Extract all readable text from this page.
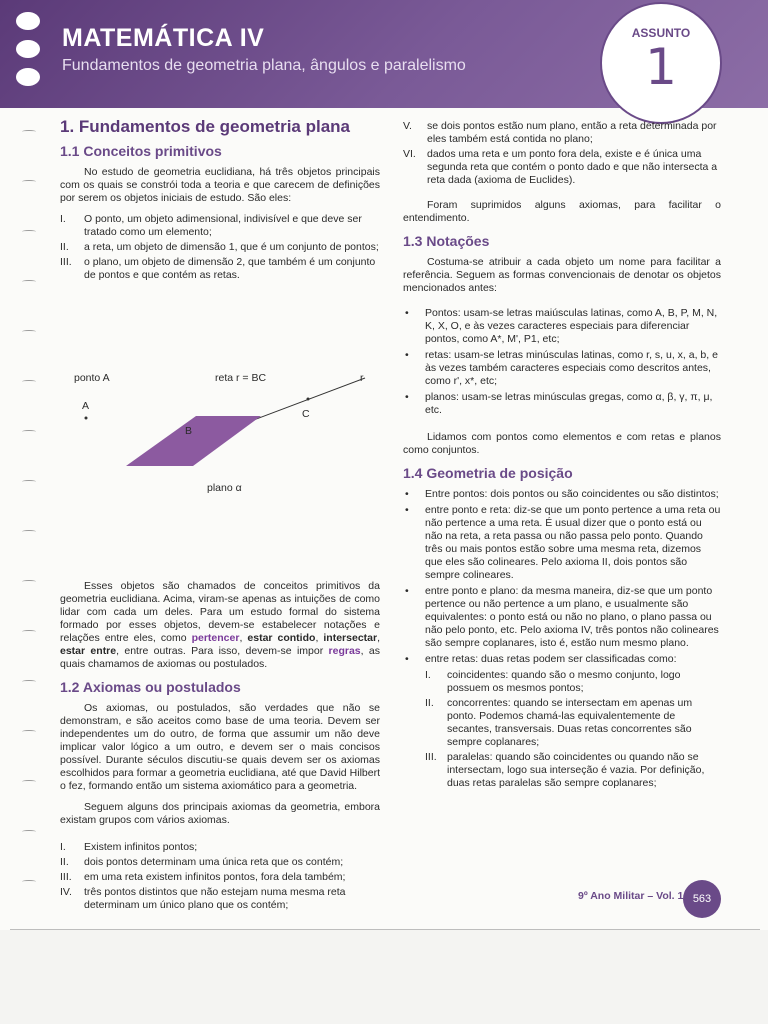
MATEMÁTICA IV
Fundamentos de geometria plana, ângulos e paralelismo
ASSUNTO
1
1. Fundamentos de geometria plana
1.1 Conceitos primitivos

No estudo de geometria euclidiana, há três objetos principais com os quais se constrói toda a teoria e que carecem de definições por serem os objetos iniciais de estudo. São eles:

I. O ponto, um objeto adimensional, indivisível e que deve ser tratado como um elemento;
II. a reta, um objeto de dimensão 1, que é um conjunto de pontos;
III. o plano, um objeto de dimensão 2, que também é um conjunto de pontos e que contém as retas.
ponto A	reta r = BC
A
B
C
r
plano α

Esses objetos são chamados de conceitos primitivos da geometria euclidiana. Acima, viram-se apenas as intuições de como lidar com cada um deles. Para um estudo formal do sistema formado por esses objetos, devem-se estabelecer notações e relações entre eles, como pertencer, estar contido, intersectar, estar entre, entre outras. Para isso, devem-se impor regras, as quais chamamos de axiomas ou postulados.

1.2 Axiomas ou postulados

Os axiomas, ou postulados, são verdades que não se demonstram, e são aceitos como base de uma teoria. Devem ser independentes um do outro, de forma que assumir um não deve implicar valor lógico a um outro, e devem ser o mais concisos possível. Durante séculos discutiu-se quais devem ser os axiomas escolhidos para formar a geometria euclidiana, até que David Hilbert o fez, formando então um sistema axiomático para a geometria.

Seguem alguns dos principais axiomas da geometria, embora existam grupos com vários axiomas.

I. Existem infinitos pontos;
II. dois pontos determinam uma única reta que os contém;
III. em uma reta existem infinitos pontos, fora dela também;
IV. três pontos distintos que não estejam numa mesma reta determinam um único plano que os contém;
V. se dois pontos estão num plano, então a reta determinada por eles também está contida no plano;
VI. dados uma reta e um ponto fora dela, existe e é única uma segunda reta que contém o ponto dado e que não intersecta a reta dada (axioma de Euclides).

Foram suprimidos alguns axiomas, para facilitar o entendimento.

1.3 Notações

Costuma-se atribuir a cada objeto um nome para facilitar a referência. Seguem as formas convencionais de denotar os objetos mencionados antes:

• Pontos: usam-se letras maiúsculas latinas, como A, B, P, M, N, K, X, O, e às vezes caracteres especiais para diferenciar pontos, como A*, M', P1, etc;
• retas: usam-se letras minúsculas latinas, como r, s, u, x, a, b, e às vezes também caracteres especiais como descritos antes, como r', x*, etc;
• planos: usam-se letras minúsculas gregas, como α, β, γ, π, μ, etc.

Lidamos com pontos como elementos e com retas e planos como conjuntos.

1.4 Geometria de posição
• Entre pontos: dois pontos ou são coincidentes ou são distintos;
• entre ponto e reta: diz-se que um ponto pertence a uma reta ou não pertence a uma reta. É usual dizer que o ponto está ou não na reta, a reta passa ou não passa pelo ponto. Quando três ou mais pontos estão sobre uma mesma reta, dizemos que eles são colineares. Pelo axioma II, dois pontos são sempre colineares.
• entre ponto e plano: da mesma maneira, diz-se que um ponto pertence ou não pertence a um plano, e usualmente são equivalentes: o ponto está ou não no plano, o plano passa ou não pelo ponto, etc. Pelo axioma IV, três pontos não colineares são sempre coplanares, isto é, estão num mesmo plano.
• entre retas: duas retas podem ser classificadas como:
I. coincidentes: quando são o mesmo conjunto, logo possuem os mesmos pontos;
II. concorrentes: quando se intersectam em apenas um ponto. Podemos chamá-las equivalentemente de secantes, transversais. Duas retas concorrentes são sempre coplanares;
III. paralelas: quando são coincidentes ou quando não se intersectam, logo sua interseção é vazia. Por definição, duas retas paralelas são sempre coplanares;
9º Ano Militar – Vol. 1 563
